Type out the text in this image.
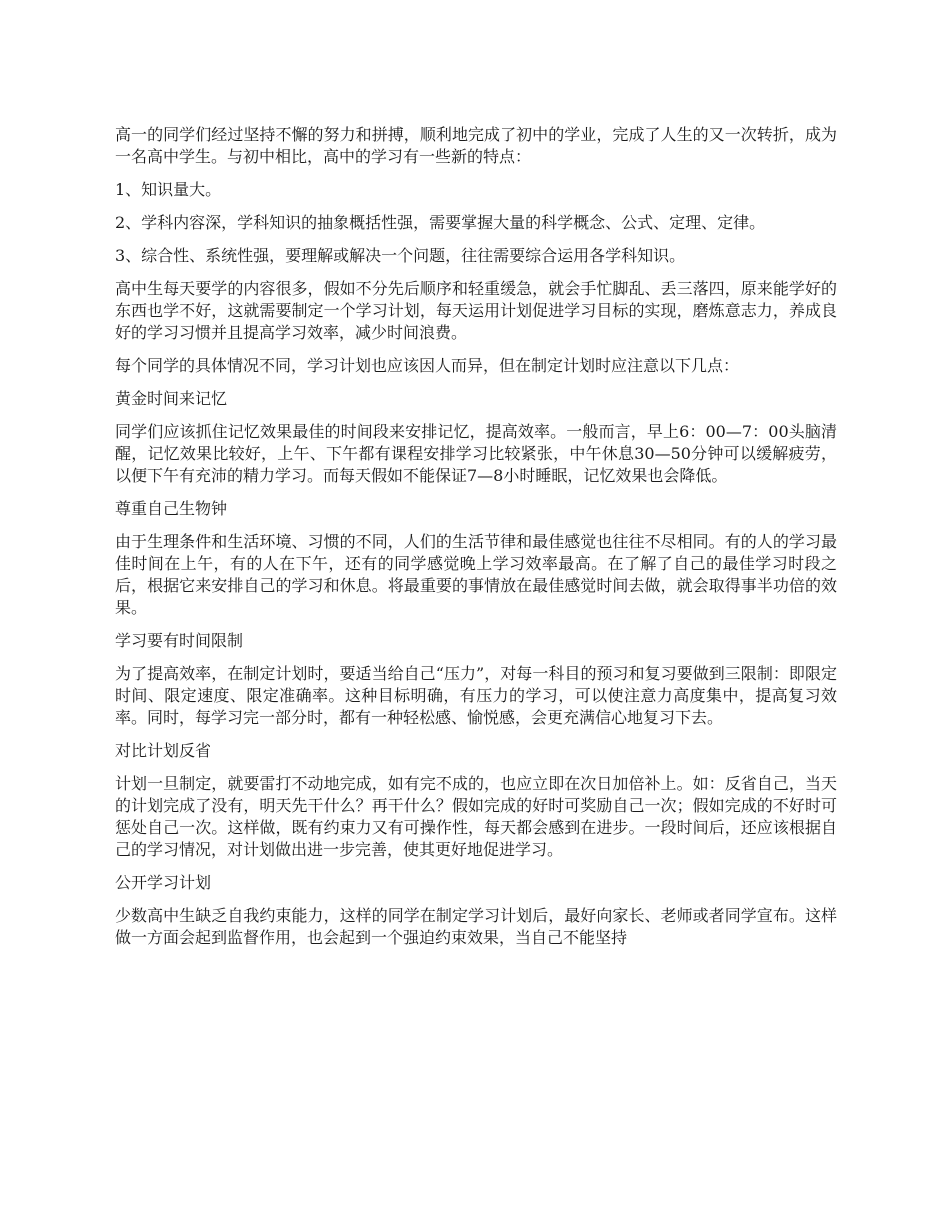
高一的同学们经过坚持不懈的努力和拼搏，顺利地完成了初中的学业，完成了人生的又一次转折，成为一名高中学生。与初中相比，高中的学习有一些新的特点：

1、知识量大。

2、学科内容深，学科知识的抽象概括性强，需要掌握大量的科学概念、公式、定理、定律。

3、综合性、系统性强，要理解或解决一个问题，往往需要综合运用各学科知识。

高中生每天要学的内容很多，假如不分先后顺序和轻重缓急，就会手忙脚乱、丢三落四，原来能学好的东西也学不好，这就需要制定一个学习计划，每天运用计划促进学习目标的实现，磨炼意志力，养成良好的学习习惯并且提高学习效率，减少时间浪费。

每个同学的具体情况不同，学习计划也应该因人而异，但在制定计划时应注意以下几点：

黄金时间来记忆

同学们应该抓住记忆效果最佳的时间段来安排记忆，提高效率。一般而言，早上6：00—7：00头脑清醒，记忆效果比较好，上午、下午都有课程安排学习比较紧张，中午休息30—50分钟可以缓解疲劳，以便下午有充沛的精力学习。而每天假如不能保证7—8小时睡眠，记忆效果也会降低。

尊重自己生物钟

由于生理条件和生活环境、习惯的不同，人们的生活节律和最佳感觉也往往不尽相同。有的人的学习最佳时间在上午，有的人在下午，还有的同学感觉晚上学习效率最高。在了解了自己的最佳学习时段之后，根据它来安排自己的学习和休息。将最重要的事情放在最佳感觉时间去做，就会取得事半功倍的效果。

学习要有时间限制

为了提高效率，在制定计划时，要适当给自己“压力”，对每一科目的预习和复习要做到三限制：即限定时间、限定速度、限定准确率。这种目标明确，有压力的学习，可以使注意力高度集中，提高复习效率。同时，每学习完一部分时，都有一种轻松感、愉悦感，会更充满信心地复习下去。

对比计划反省

计划一旦制定，就要雷打不动地完成，如有完不成的，也应立即在次日加倍补上。如：反省自己，当天的计划完成了没有，明天先干什么？再干什么？假如完成的好时可奖励自己一次；假如完成的不好时可惩处自己一次。这样做，既有约束力又有可操作性，每天都会感到在进步。一段时间后，还应该根据自己的学习情况，对计划做出进一步完善，使其更好地促进学习。

公开学习计划

少数高中生缺乏自我约束能力，这样的同学在制定学习计划后，最好向家长、老师或者同学宣布。这样做一方面会起到监督作用，也会起到一个强迫约束效果，当自己不能坚持
